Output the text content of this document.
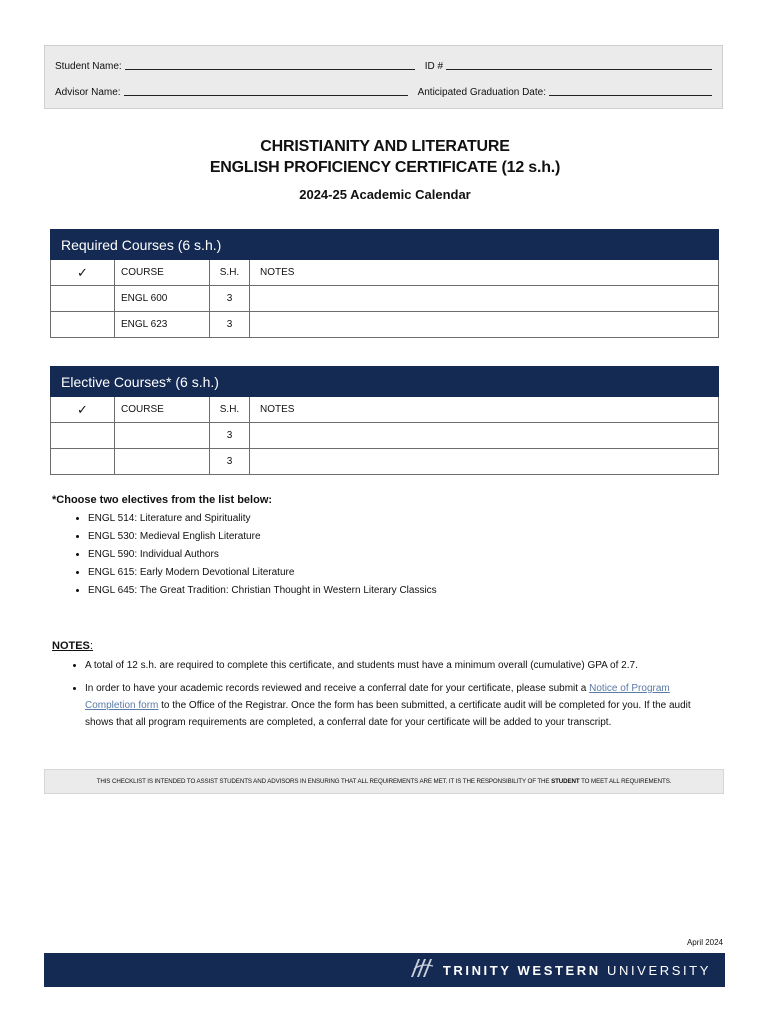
Student Name:	ID #
Advisor Name:	Anticipated Graduation Date:
CHRISTIANITY AND LITERATURE
ENGLISH PROFICIENCY CERTIFICATE (12 s.h.)
2024-25 Academic Calendar
Required Courses (6 s.h.)			
✓	COURSE	S.H.	NOTES
	ENGL 600	3	
	ENGL 623	3	
Elective Courses* (6 s.h.)			
✓	COURSE	S.H.	NOTES
		3	
		3	
*Choose two electives from the list below:
• ENGL 514: Literature and Spirituality
• ENGL 530: Medieval English Literature
• ENGL 590: Individual Authors
• ENGL 615: Early Modern Devotional Literature
• ENGL 645: The Great Tradition: Christian Thought in Western Literary Classics
NOTES:
• A total of 12 s.h. are required to complete this certificate, and students must have a minimum overall (cumulative) GPA of 2.7.
• In order to have your academic records reviewed and receive a conferral date for your certificate, please submit a Notice of Program Completion form to the Office of the Registrar. Once the form has been submitted, a certificate audit will be completed for you. If the audit shows that all program requirements are completed, a conferral date for your certificate will be added to your transcript.
THIS CHECKLIST IS INTENDED TO ASSIST STUDENTS AND ADVISORS IN ENSURING THAT ALL REQUIREMENTS ARE MET. IT IS THE RESPONSIBILITY OF THE STUDENT TO MEET ALL REQUIREMENTS.
April 2024
TRINITY WESTERN UNIVERSITY
